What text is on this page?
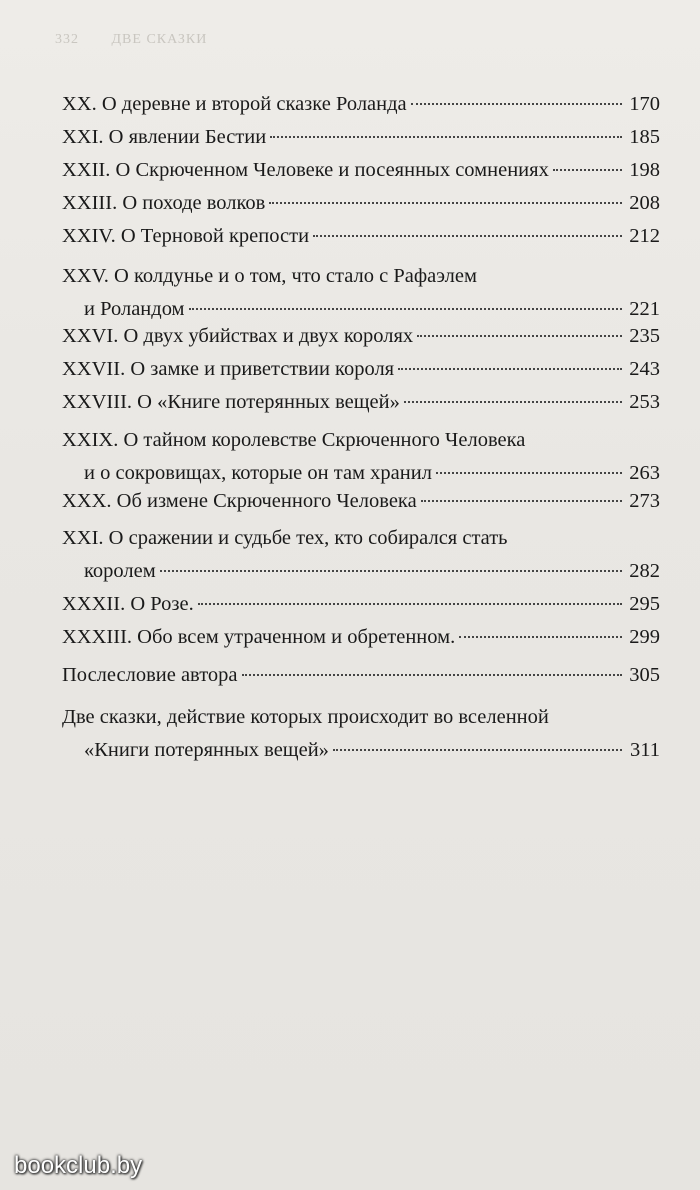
332 ДВЕ СКАЗКИ
XX. О деревне и второй сказке Роланда	170
XXI. О явлении Бестии	185
XXII. О Скрюченном Человеке и посеянных сомнениях	198
XXIII. О походе волков	208
XXIV. О Терновой крепости	212
XXV. О колдунье и о том, что стало с Рафаэлем
и Роландом	221
XXVI. О двух убийствах и двух королях	235
XXVII. О замке и приветствии короля	243
XXVIII. О «Книге потерянных вещей»	253
XXIX. О тайном королевстве Скрюченного Человека
и о сокровищах, которые он там хранил	263
XXX. Об измене Скрюченного Человека	273
XXI. О сражении и судьбе тех, кто собирался стать
королем	282
XXXII. О Розе.	295
XXXIII. Обо всем утраченном и обретенном.	299
Послесловие автора	305
Две сказки, действие которых происходит во вселенной
«Книги потерянных вещей»	311
bookclub.by
